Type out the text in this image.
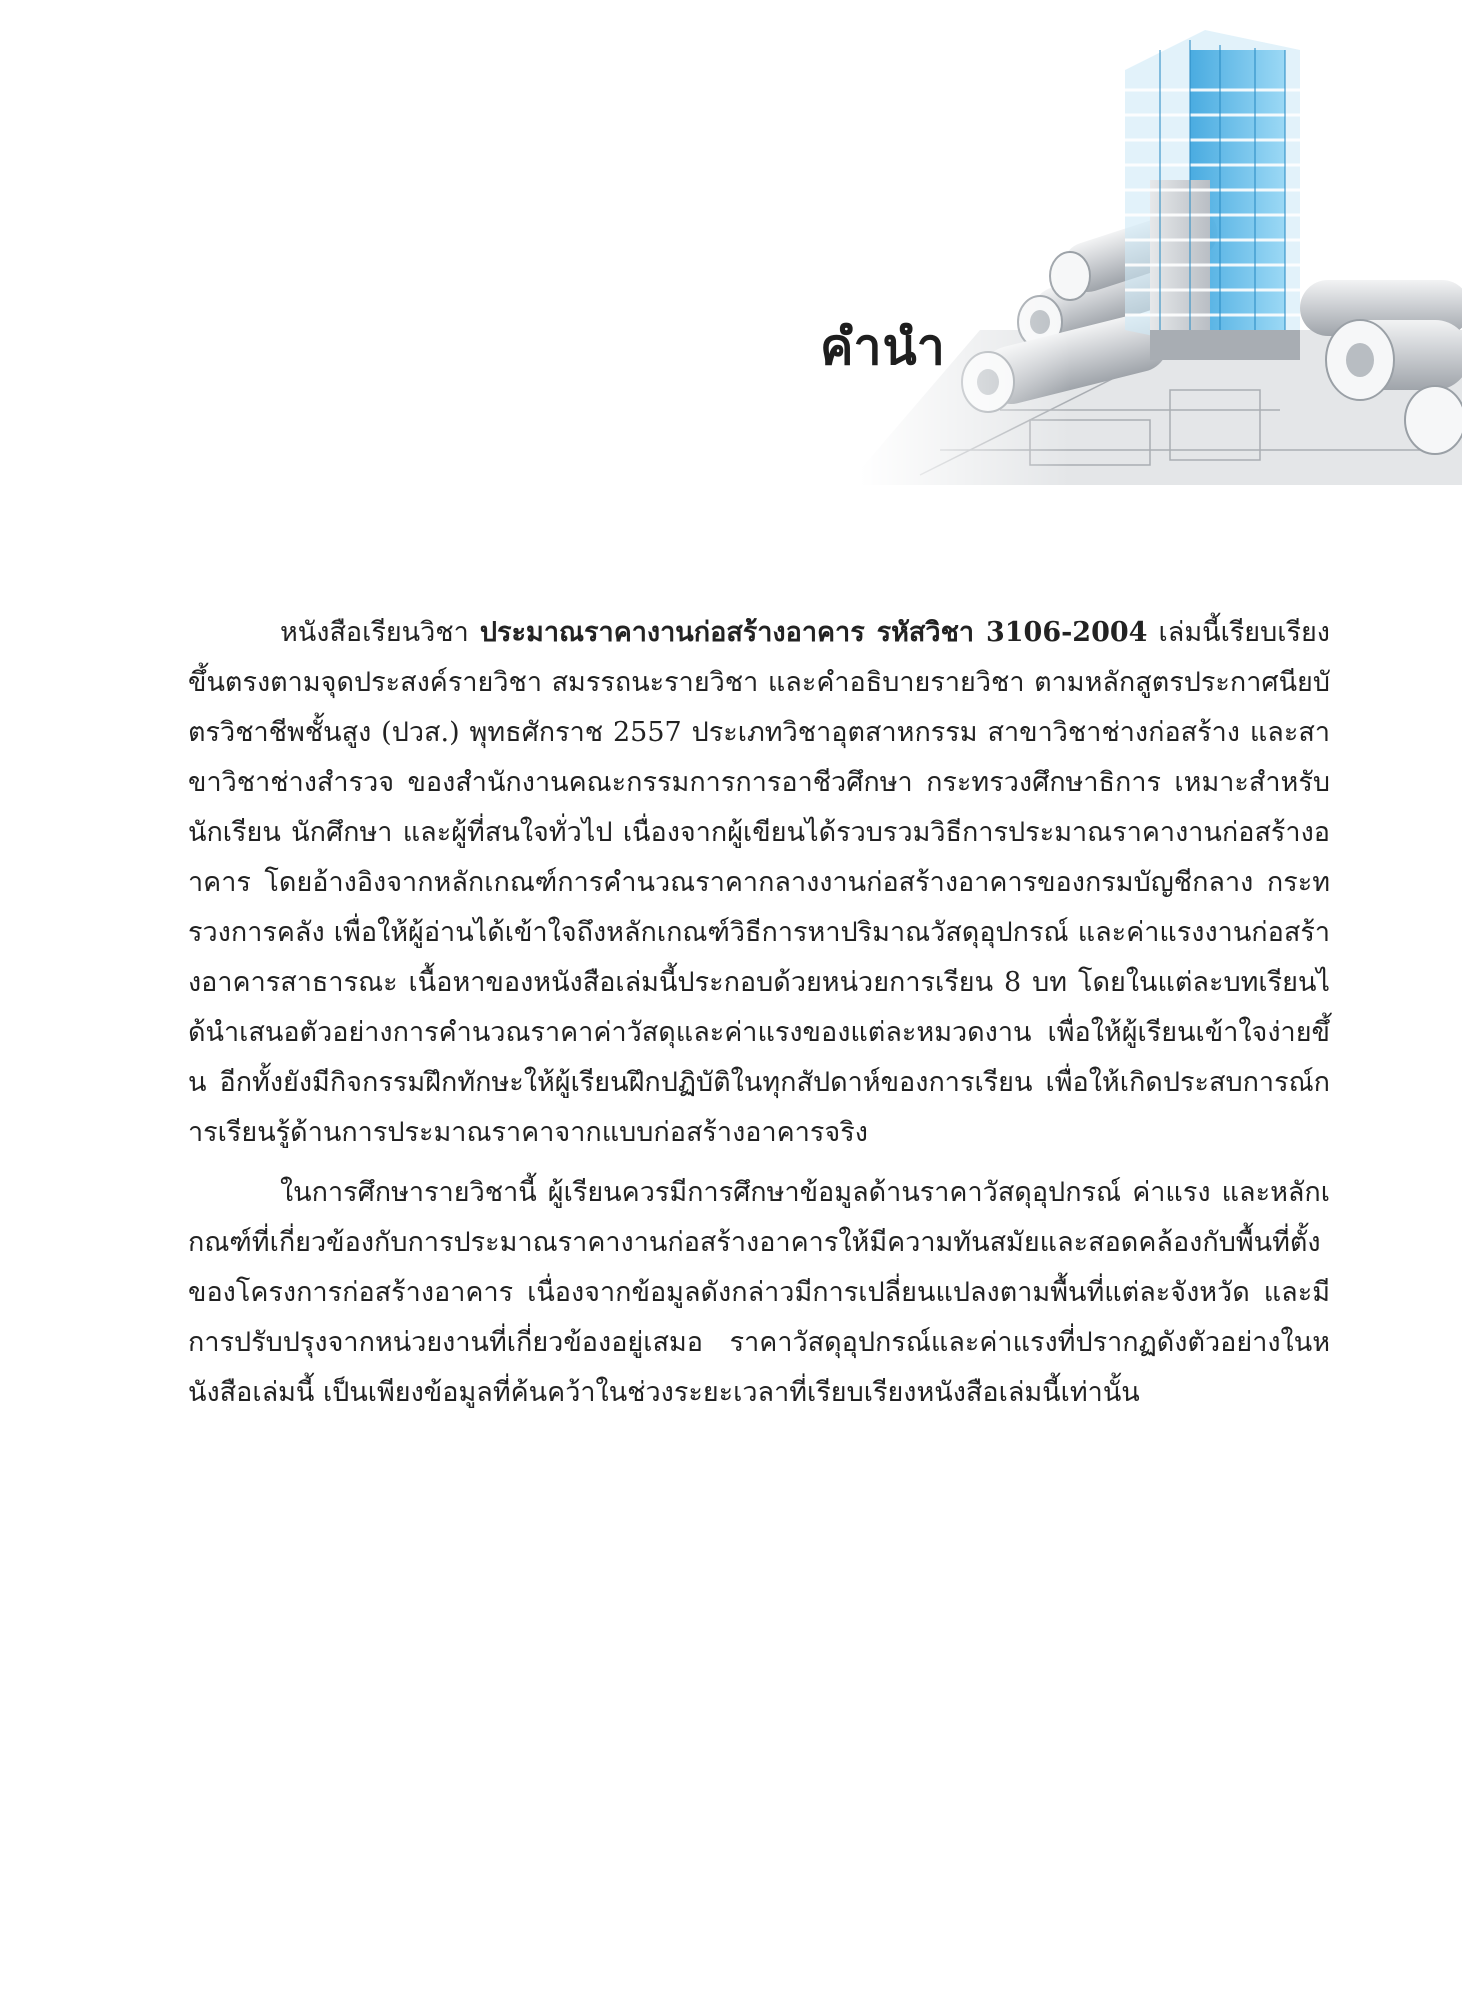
คำนำ

หนังสือเรียนวิชา ประมาณราคางานก่อสร้างอาคาร รหัสวิชา 3106-2004 เล่มนี้เรียบเรียงขึ้นตรงตามจุดประสงค์รายวิชา สมรรถนะรายวิชา และคำอธิบายรายวิชา ตามหลักสูตรประกาศนียบัตรวิชาชีพชั้นสูง (ปวส.) พุทธศักราช 2557 ประเภทวิชาอุตสาหกรรม สาขาวิชาช่างก่อสร้าง และสาขาวิชาช่างสำรวจ ของสำนักงานคณะกรรมการการอาชีวศึกษา กระทรวงศึกษาธิการ เหมาะสำหรับนักเรียน นักศึกษา และผู้ที่สนใจทั่วไป เนื่องจากผู้เขียนได้รวบรวมวิธีการประมาณราคางานก่อสร้างอาคาร โดยอ้างอิงจากหลักเกณฑ์การคำนวณราคากลางงานก่อสร้างอาคารของกรมบัญชีกลาง กระทรวงการคลัง เพื่อให้ผู้อ่านได้เข้าใจถึงหลักเกณฑ์วิธีการหาปริมาณวัสดุอุปกรณ์ และค่าแรงงานก่อสร้างอาคารสาธารณะ เนื้อหาของหนังสือเล่มนี้ประกอบด้วยหน่วยการเรียน 8 บท โดยในแต่ละบทเรียนได้นำเสนอตัวอย่างการคำนวณราคาค่าวัสดุและค่าแรงของแต่ละหมวดงาน เพื่อให้ผู้เรียนเข้าใจง่ายขึ้น อีกทั้งยังมีกิจกรรมฝึกทักษะให้ผู้เรียนฝึกปฏิบัติในทุกสัปดาห์ของการเรียน เพื่อให้เกิดประสบการณ์การเรียนรู้ด้านการประมาณราคาจากแบบก่อสร้างอาคารจริง

ในการศึกษารายวิชานี้ ผู้เรียนควรมีการศึกษาข้อมูลด้านราคาวัสดุอุปกรณ์ ค่าแรง และหลักเกณฑ์ที่เกี่ยวข้องกับการประมาณราคางานก่อสร้างอาคารให้มีความทันสมัยและสอดคล้องกับพื้นที่ตั้งของโครงการก่อสร้างอาคาร เนื่องจากข้อมูลดังกล่าวมีการเปลี่ยนแปลงตามพื้นที่แต่ละจังหวัด และมีการปรับปรุงจากหน่วยงานที่เกี่ยวข้องอยู่เสมอ ราคาวัสดุอุปกรณ์และค่าแรงที่ปรากฏดังตัวอย่างในหนังสือเล่มนี้ เป็นเพียงข้อมูลที่ค้นคว้าในช่วงระยะเวลาที่เรียบเรียงหนังสือเล่มนี้เท่านั้น
